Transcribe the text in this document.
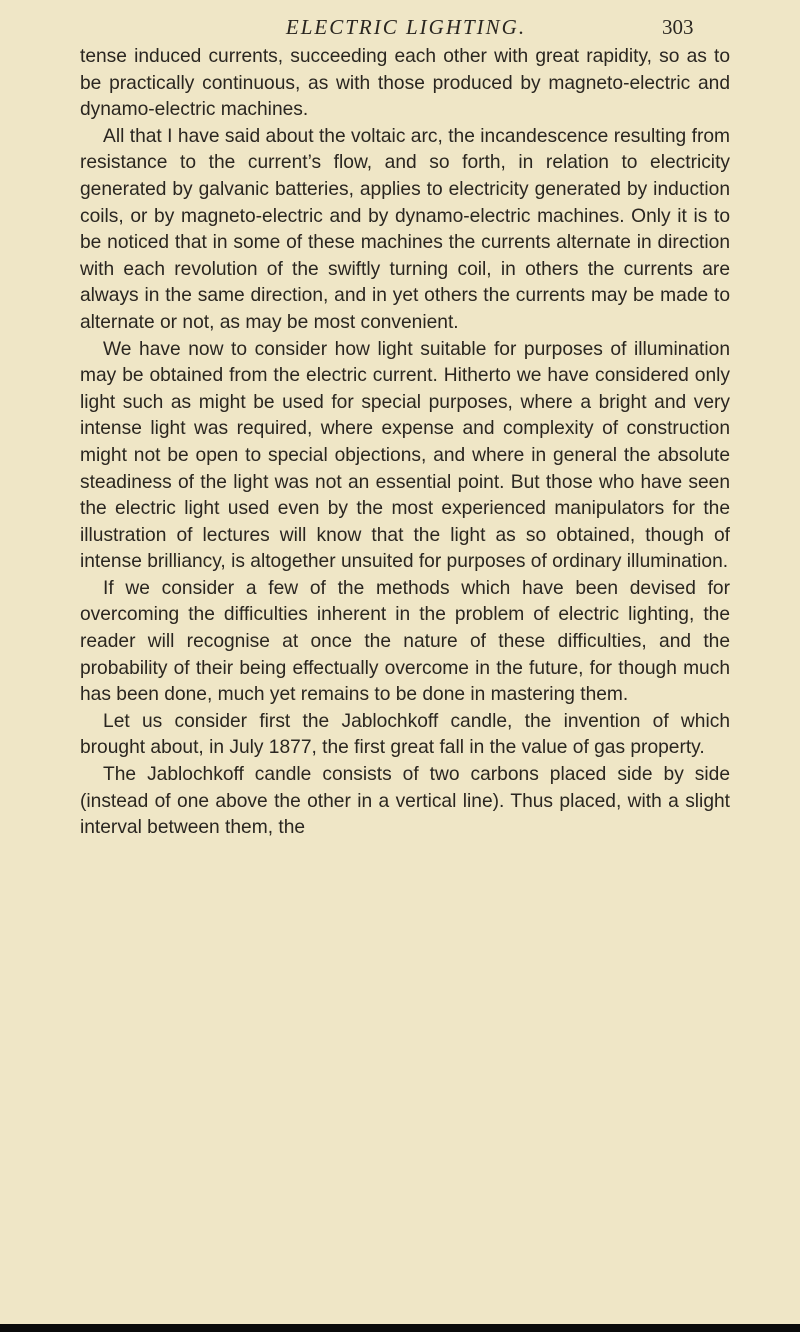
ELECTRIC LIGHTING.	303

tense induced currents, succeeding each other with great rapidity, so as to be practically continuous, as with those produced by magneto-electric and dynamo-electric machines.

All that I have said about the voltaic arc, the incandescence resulting from resistance to the current’s flow, and so forth, in relation to electricity generated by galvanic batteries, applies to electricity generated by induction coils, or by magneto-electric and by dynamo-electric machines. Only it is to be noticed that in some of these machines the currents alternate in direction with each revolution of the swiftly turning coil, in others the currents are always in the same direction, and in yet others the currents may be made to alternate or not, as may be most convenient.

We have now to consider how light suitable for purposes of illumination may be obtained from the electric current. Hitherto we have considered only light such as might be used for special purposes, where a bright and very intense light was required, where expense and complexity of construction might not be open to special objections, and where in general the absolute steadiness of the light was not an essential point. But those who have seen the electric light used even by the most experienced manipulators for the illustration of lectures will know that the light as so obtained, though of intense brilliancy, is altogether unsuited for purposes of ordinary illumination.

If we consider a few of the methods which have been devised for overcoming the difficulties inherent in the problem of electric lighting, the reader will recognise at once the nature of these difficulties, and the probability of their being effectually overcome in the future, for though much has been done, much yet remains to be done in mastering them.

Let us consider first the Jablochkoff candle, the invention of which brought about, in July 1877, the first great fall in the value of gas property.

The Jablochkoff candle consists of two carbons placed side by side (instead of one above the other in a vertical line). Thus placed, with a slight interval between them, the
